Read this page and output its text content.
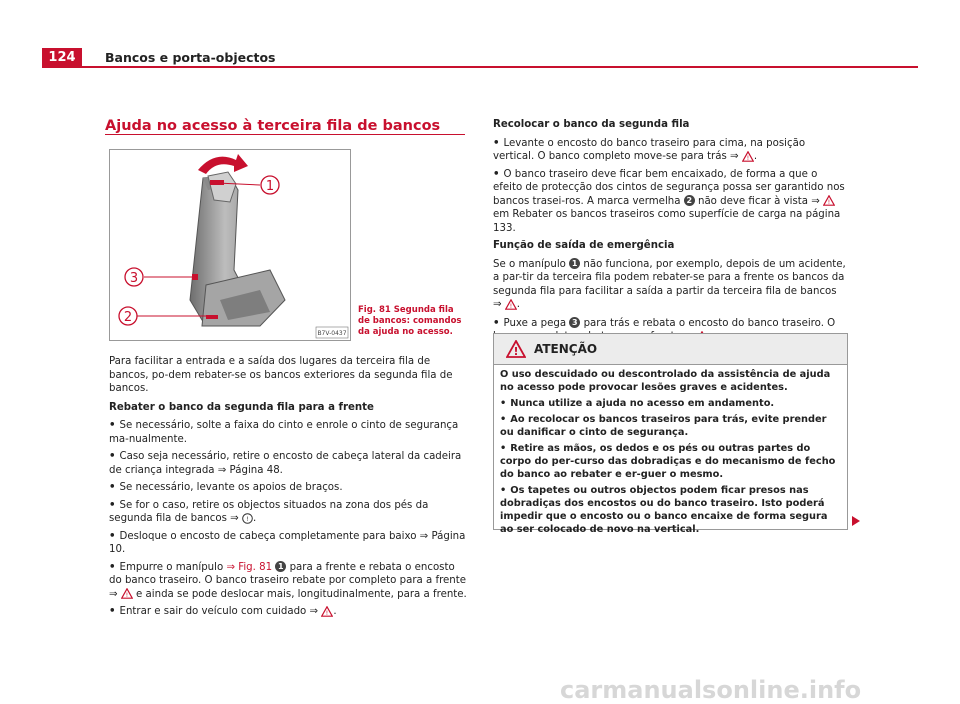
124	Bancos e porta-objectos
Ajuda no acesso à terceira fila de bancos
1
3
2
B7V-0437
Fig. 81 Segunda fila de bancos: comandos da ajuda no acesso.

Para facilitar a entrada e a saída dos lugares da terceira fila de bancos, po-dem rebater-se os bancos exteriores da segunda fila de bancos.

Rebater o banco da segunda fila para a frente

• Se necessário, solte a faixa do cinto e enrole o cinto de segurança ma-nualmente.

• Caso seja necessário, retire o encosto de cabeça lateral da cadeira de criança integrada ⇒ Página 48.

• Se necessário, levante os apoios de braços.

• Se for o caso, retire os objectos situados na zona dos pés da segunda fila de bancos ⇒ ! .

• Desloque o encosto de cabeça completamente para baixo ⇒ Página 10.

• Empurre o manípulo ⇒ Fig. 81 1 para a frente e rebata o encosto do banco traseiro. O banco traseiro rebate por completo para a frente ⇒ ! e ainda se pode deslocar mais, longitudinalmente, para a frente.

• Entrar e sair do veículo com cuidado ⇒ ! .

Recolocar o banco da segunda fila

• Levante o encosto do banco traseiro para cima, na posição vertical. O banco completo move-se para trás ⇒ ! .

• O banco traseiro deve ficar bem encaixado, de forma a que o efeito de protecção dos cintos de segurança possa ser garantido nos bancos trasei-ros. A marca vermelha 2 não deve ficar à vista ⇒ !
em Rebater os bancos traseiros como superfície de carga na página 133.

Função de saída de emergência

Se o manípulo 1 não funciona, por exemplo, depois de um acidente, a par-tir da terceira fila podem rebater-se para a frente os bancos da segunda fila para facilitar a saída a partir da terceira fila de bancos ⇒ ! .

• Puxe a pega 3 para trás e rebata o encosto do banco traseiro. O

! ATENÇÃO

O uso descuidado ou descontrolado da assistência de ajuda no acesso pode provocar lesões graves e acidentes.

• Nunca utilize a ajuda no acesso em andamento.

• Ao recolocar os bancos traseiros para trás, evite prender ou danificar o cinto de segurança.

• Retire as mãos, os dedos e os pés ou outras partes do corpo do per-curso das dobradiças e do mecanismo de fecho do banco ao rebater e er-guer o mesmo.

• Os tapetes ou outros objectos podem ficar presos nas dobradiças dos encostos ou do banco traseiro. Isto poderá impedir que o encosto ou o banco encaixe de forma segura ao ser colocado de novo na vertical.

carmanualsonline.info
